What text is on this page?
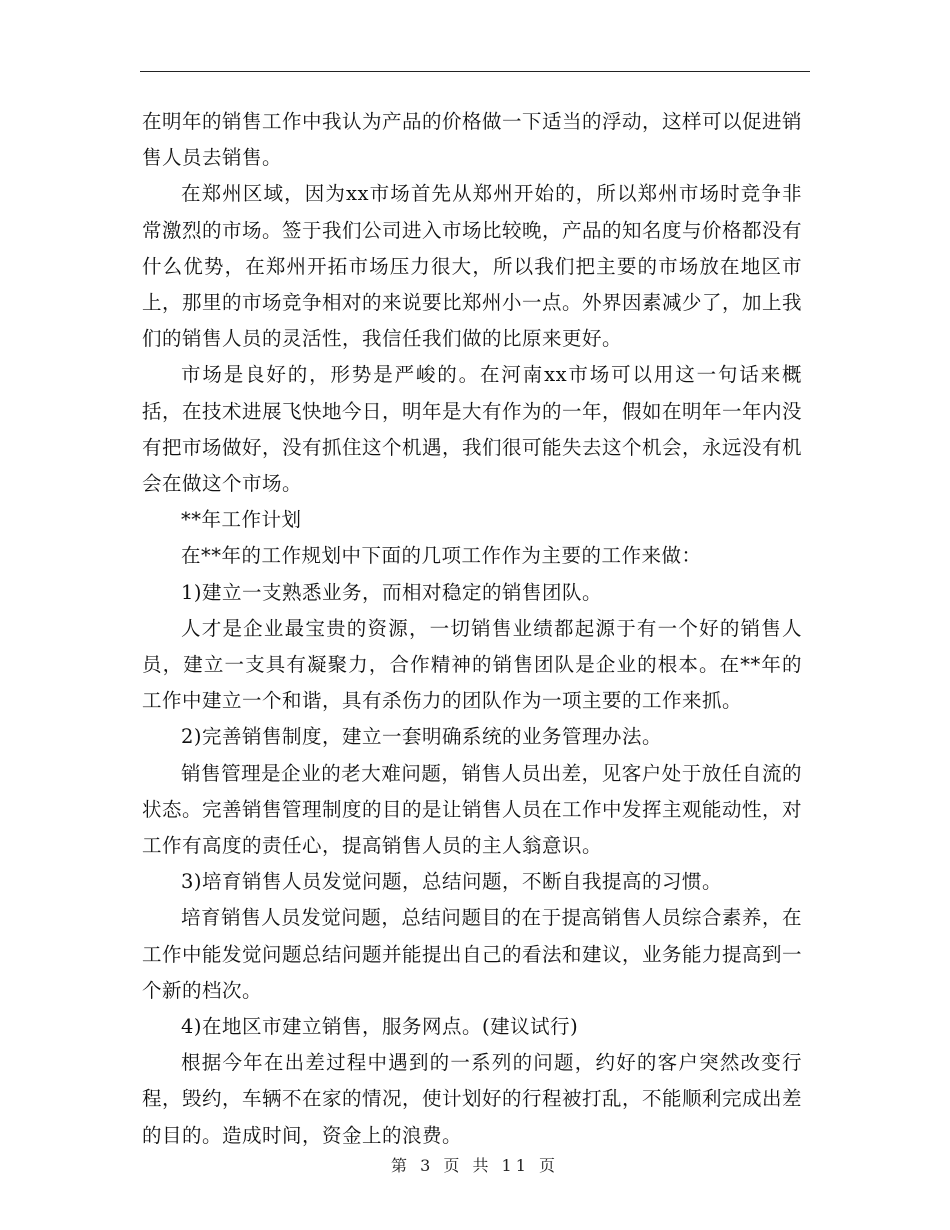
在明年的销售工作中我认为产品的价格做一下适当的浮动，这样可以促进销售人员去销售。

在郑州区域，因为xx市场首先从郑州开始的，所以郑州市场时竞争非常激烈的市场。签于我们公司进入市场比较晚，产品的知名度与价格都没有什么优势，在郑州开拓市场压力很大，所以我们把主要的市场放在地区市上，那里的市场竞争相对的来说要比郑州小一点。外界因素减少了，加上我们的销售人员的灵活性，我信任我们做的比原来更好。

市场是良好的，形势是严峻的。在河南xx市场可以用这一句话来概括，在技术进展飞快地今日，明年是大有作为的一年，假如在明年一年内没有把市场做好，没有抓住这个机遇，我们很可能失去这个机会，永远没有机会在做这个市场。

**年工作计划

在**年的工作规划中下面的几项工作作为主要的工作来做：

1)建立一支熟悉业务，而相对稳定的销售团队。

人才是企业最宝贵的资源，一切销售业绩都起源于有一个好的销售人员，建立一支具有凝聚力，合作精神的销售团队是企业的根本。在**年的工作中建立一个和谐，具有杀伤力的团队作为一项主要的工作来抓。

2)完善销售制度，建立一套明确系统的业务管理办法。

销售管理是企业的老大难问题，销售人员出差，见客户处于放任自流的状态。完善销售管理制度的目的是让销售人员在工作中发挥主观能动性，对工作有高度的责任心，提高销售人员的主人翁意识。

3)培育销售人员发觉问题，总结问题，不断自我提高的习惯。

培育销售人员发觉问题，总结问题目的在于提高销售人员综合素养，在工作中能发觉问题总结问题并能提出自己的看法和建议，业务能力提高到一个新的档次。

4)在地区市建立销售，服务网点。(建议试行)

根据今年在出差过程中遇到的一系列的问题，约好的客户突然改变行程，毁约，车辆不在家的情况，使计划好的行程被打乱，不能顺利完成出差的目的。造成时间，资金上的浪费。

第 3 页 共 11 页
